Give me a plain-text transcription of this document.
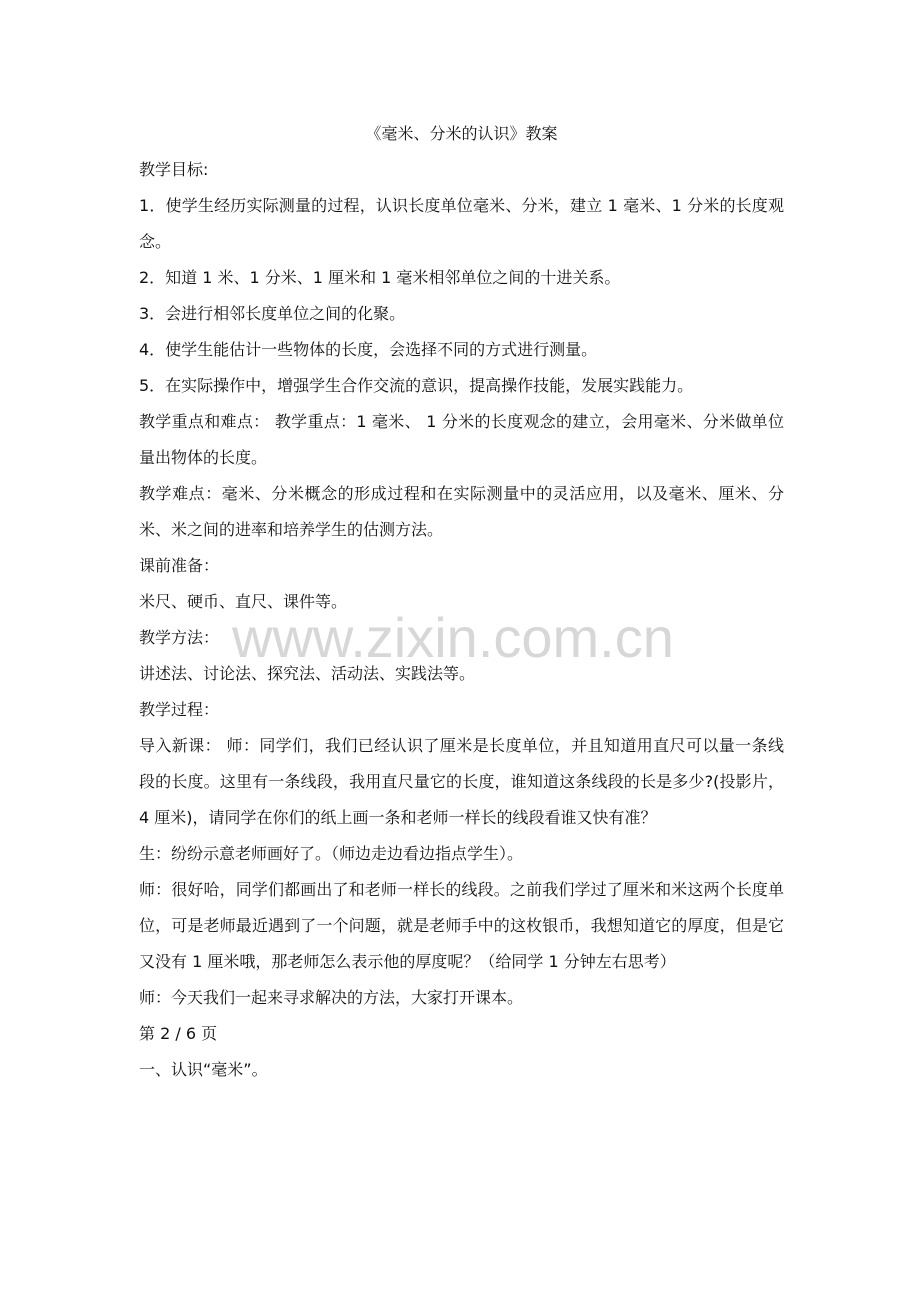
《毫米、分米的认识》教案

教学目标:

1．使学生经历实际测量的过程，认识长度单位毫米、分米，建立 1 毫米、1 分米的长度观念。

2．知道 1 米、1 分米、1 厘米和 1 毫米相邻单位之间的十进关系。

3．会进行相邻长度单位之间的化聚。

4．使学生能估计一些物体的长度，会选择不同的方式进行测量。

5．在实际操作中，增强学生合作交流的意识，提高操作技能，发展实践能力。

教学重点和难点： 教学重点：1 毫米、 1 分米的长度观念的建立，会用毫米、分米做单位量出物体的长度。

教学难点：毫米、分米概念的形成过程和在实际测量中的灵活应用，以及毫米、厘米、分米、米之间的进率和培养学生的估测方法。

课前准备：

米尺、硬币、直尺、课件等。

教学方法：

讲述法、讨论法、探究法、活动法、实践法等。

教学过程：

导入新课： 师：同学们，我们已经认识了厘米是长度单位，并且知道用直尺可以量一条线段的长度。这里有一条线段，我用直尺量它的长度，谁知道这条线段的长是多少?(投影片，4 厘米)，请同学在你们的纸上画一条和老师一样长的线段看谁又快有准？

生：纷纷示意老师画好了。（师边走边看边指点学生）。

师：很好哈，同学们都画出了和老师一样长的线段。之前我们学过了厘米和米这两个长度单位，可是老师最近遇到了一个问题，就是老师手中的这枚银币，我想知道它的厚度，但是它又没有 1 厘米哦，那老师怎么表示他的厚度呢？（给同学 1 分钟左右思考）

师：今天我们一起来寻求解决的方法，大家打开课本。

第 2 / 6 页

一、认识“毫米”。

www.zixin.com.cn
